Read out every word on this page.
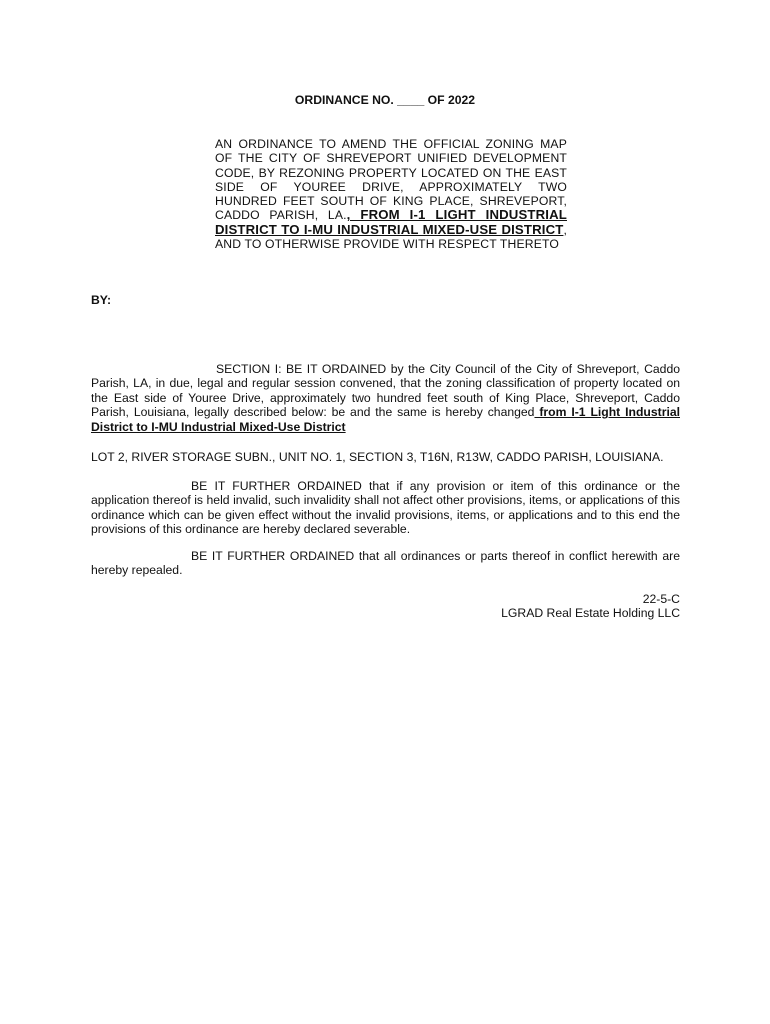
ORDINANCE NO. ____ OF 2022
AN ORDINANCE TO AMEND THE OFFICIAL ZONING MAP OF THE CITY OF SHREVEPORT UNIFIED DEVELOPMENT CODE, BY REZONING PROPERTY LOCATED ON THE EAST SIDE OF YOUREE DRIVE, APPROXIMATELY TWO HUNDRED FEET SOUTH OF KING PLACE, SHREVEPORT, CADDO PARISH, LA., FROM I-1 LIGHT INDUSTRIAL DISTRICT TO I-MU INDUSTRIAL MIXED-USE DISTRICT, AND TO OTHERWISE PROVIDE WITH RESPECT THERETO
BY:
SECTION I: BE IT ORDAINED by the City Council of the City of Shreveport, Caddo Parish, LA, in due, legal and regular session convened, that the zoning classification of property located on the East side of Youree Drive, approximately two hundred feet south of King Place, Shreveport, Caddo Parish, Louisiana, legally described below: be and the same is hereby changed from I-1 Light Industrial District to I-MU Industrial Mixed-Use District
LOT 2, RIVER STORAGE SUBN., UNIT NO. 1, SECTION 3, T16N, R13W, CADDO PARISH, LOUISIANA.
BE IT FURTHER ORDAINED that if any provision or item of this ordinance or the application thereof is held invalid, such invalidity shall not affect other provisions, items, or applications of this ordinance which can be given effect without the invalid provisions, items, or applications and to this end the provisions of this ordinance are hereby declared severable.
BE IT FURTHER ORDAINED that all ordinances or parts thereof in conflict herewith are hereby repealed.
22-5-C
LGRAD Real Estate Holding LLC
